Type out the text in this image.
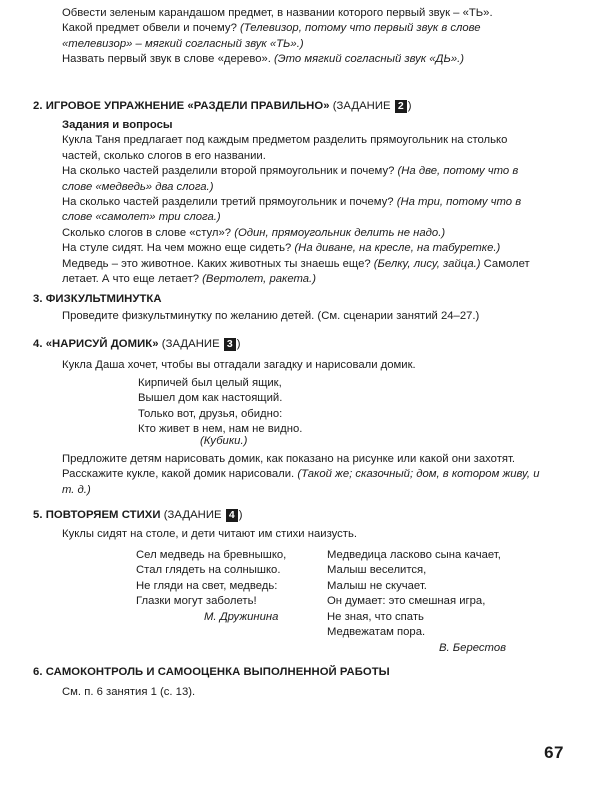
Обвести зеленым карандашом предмет, в названии которого первый звук – «ТЬ».

Какой предмет обвели и почему? (Телевизор, потому что первый звук в слове «телевизор» – мягкий согласный звук «ТЬ».)

Назвать первый звук в слове «дерево». (Это мягкий согласный звук «ДЬ».)

2. ИГРОВОЕ УПРАЖНЕНИЕ «РАЗДЕЛИ ПРАВИЛЬНО» (ЗАДАНИЕ 2 )

Задания и вопросы

Кукла Таня предлагает под каждым предметом разделить прямоугольник на столько частей, сколько слогов в его названии.

На сколько частей разделили второй прямоугольник и почему? (На две, потому что в слове «медведь» два слога.)

На сколько частей разделили третий прямоугольник и почему? (На три, потому что в слове «самолет» три слога.)

Сколько слогов в слове «стул»? (Один, прямоугольник делить не надо.)

На стуле сидят. На чем можно еще сидеть? (На диване, на кресле, на табуретке.) Медведь – это животное. Каких животных ты знаешь еще? (Белку, лису, зайца.) Самолет летает. А что еще летает? (Вертолет, ракета.)

3. ФИЗКУЛЬТМИНУТКА

Проведите физкультминутку по желанию детей. (См. сценарии занятий 24–27.)

4. «НАРИСУЙ ДОМИК» (ЗАДАНИЕ 3 )

Кукла Даша хочет, чтобы вы отгадали загадку и нарисовали домик.

Кирпичей был целый ящик,

Вышел дом как настоящий.

Только вот, друзья, обидно:

Кто живет в нем, нам не видно.

(Кубики.)

Предложите детям нарисовать домик, как показано на рисунке или какой они захотят.

Расскажите кукле, какой домик нарисовали. (Такой же; сказочный; дом, в котором живу, и т. д.)

5. ПОВТОРЯЕМ СТИХИ (ЗАДАНИЕ 4 )

Куклы сидят на столе, и дети читают им стихи наизусть.

Сел медведь на бревнышко,

Стал глядеть на солнышко.

Не гляди на свет, медведь:

Глазки могут заболеть!

М. Дружинина

Медведица ласково сына качает,

Малыш веселится,

Малыш не скучает.

Он думает: это смешная игра,

Не зная, что спать

Медвежатам пора.

В. Берестов

6. САМОКОНТРОЛЬ И САМООЦЕНКА ВЫПОЛНЕННОЙ РАБОТЫ

См. п. 6 занятия 1 (с. 13).

67
